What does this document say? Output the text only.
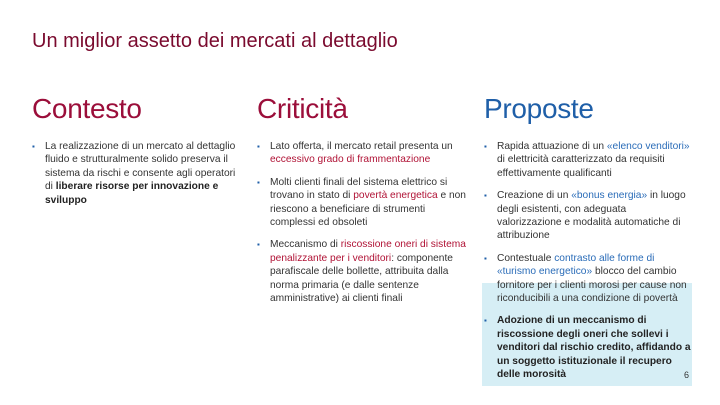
Un miglior assetto dei mercati al dettaglio
Contesto
▪ La realizzazione di un mercato al dettaglio fluido e strutturalmente solido preserva il sistema da rischi e consente agli operatori di liberare risorse per innovazione e sviluppo
Criticità
▪ Lato offerta, il mercato retail presenta un eccessivo grado di frammentazione
▪ Molti clienti finali del sistema elettrico si trovano in stato di povertà energetica e non riescono a beneficiare di strumenti complessi ed obsoleti
▪ Meccanismo di riscossione oneri di sistema penalizzante per i venditori: componente parafiscale delle bollette, attribuita dalla norma primaria (e dalle sentenze amministrative) ai clienti finali
Proposte
▪ Rapida attuazione di un «elenco venditori» di elettricità caratterizzato da requisiti effettivamente qualificanti
▪ Creazione di un «bonus energia» in luogo degli esistenti, con adeguata valorizzazione e modalità automatiche di attribuzione
▪ Contestuale contrasto alle forme di «turismo energetico» blocco del cambio fornitore per i clienti morosi per cause non riconducibili a una condizione di povertà
▪ Adozione di un meccanismo di riscossione degli oneri che sollevi i venditori dal rischio credito, affidando a un soggetto istituzionale il recupero delle morosità	6
